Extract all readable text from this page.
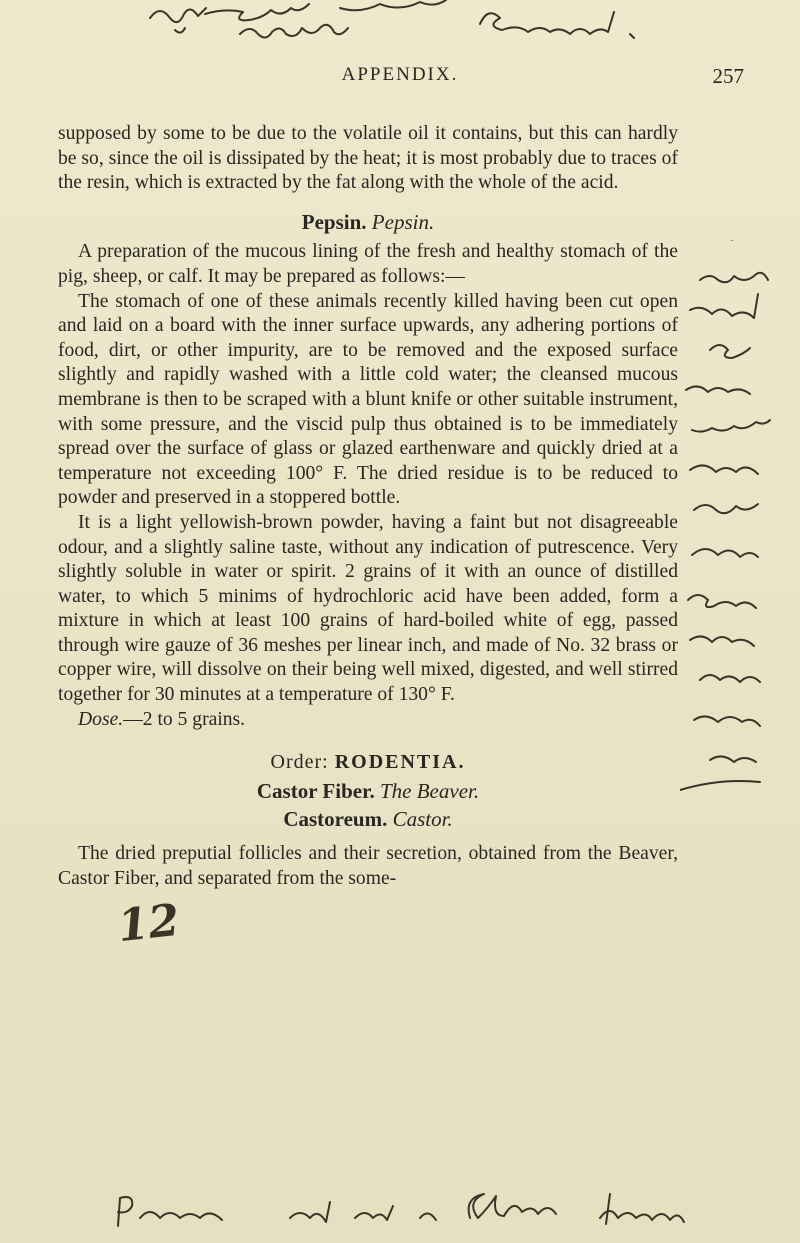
APPENDIX.	257

supposed by some to be due to the volatile oil it contains, but this can hardly be so, since the oil is dissipated by the heat; it is most probably due to traces of the resin, which is extracted by the fat along with the whole of the acid.

Pepsin. Pepsin.

A preparation of the mucous lining of the fresh and healthy stomach of the pig, sheep, or calf. It may be prepared as follows:—

The stomach of one of these animals recently killed having been cut open and laid on a board with the inner surface upwards, any adhering portions of food, dirt, or other impurity, are to be removed and the exposed surface slightly and rapidly washed with a little cold water; the cleansed mucous membrane is then to be scraped with a blunt knife or other suitable instrument, with some pressure, and the viscid pulp thus obtained is to be immediately spread over the surface of glass or glazed earthenware and quickly dried at a temperature not exceeding 100° F. The dried residue is to be reduced to powder and preserved in a stoppered bottle.

It is a light yellowish-brown powder, having a faint but not disagreeable odour, and a slightly saline taste, without any indication of putrescence. Very slightly soluble in water or spirit. 2 grains of it with an ounce of distilled water, to which 5 minims of hydrochloric acid have been added, form a mixture in which at least 100 grains of hard-boiled white of egg, passed through wire gauze of 36 meshes per linear inch, and made of No. 32 brass or copper wire, will dissolve on their being well mixed, digested, and well stirred together for 30 minutes at a temperature of 130° F.

Dose.—2 to 5 grains.

Order: RODENTIA.
Castor Fiber. The Beaver.
Castoreum. Castor.

The dried preputial follicles and their secretion, obtained from the Beaver, Castor Fiber, and separated from the some-

12
